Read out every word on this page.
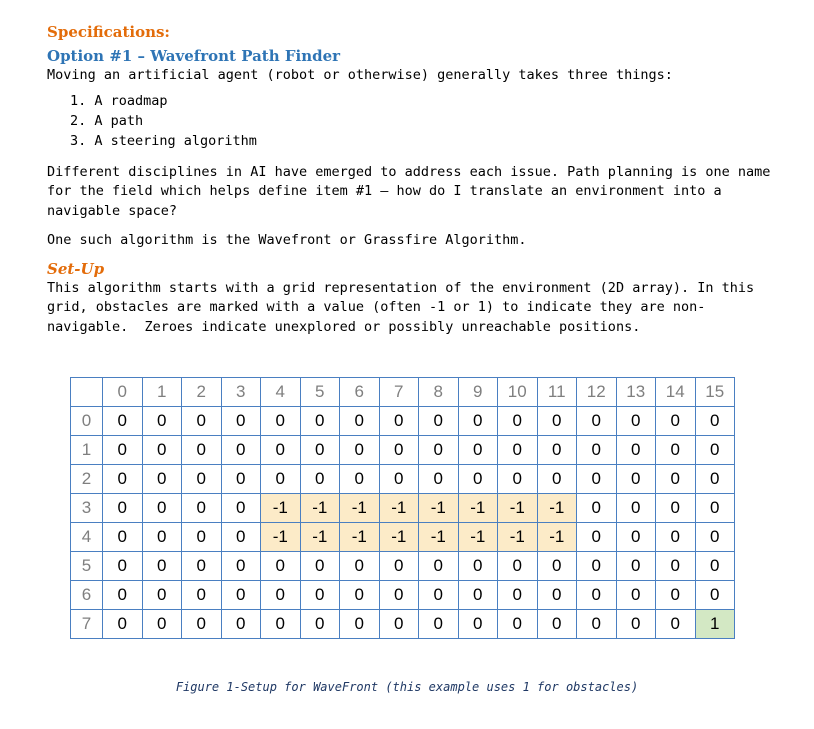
Specifications:

Option #1 – Wavefront Path Finder

Moving an artificial agent (robot or otherwise) generally takes three things:

1. A roadmap
2. A path
3. A steering algorithm

Different disciplines in AI have emerged to address each issue. Path planning is one name for the field which helps define item #1 – how do I translate an environment into a navigable space?

One such algorithm is the Wavefront or Grassfire Algorithm.

Set-Up

This algorithm starts with a grid representation of the environment (2D array). In this grid, obstacles are marked with a value (often -1 or 1) to indicate they are non-navigable.  Zeroes indicate unexplored or possibly unreachable positions.

	0	1	2	3	4	5	6	7	8	9	10	11	12	13	14	15
0	0	0	0	0	0	0	0	0	0	0	0	0	0	0	0	0
1	0	0	0	0	0	0	0	0	0	0	0	0	0	0	0	0
2	0	0	0	0	0	0	0	0	0	0	0	0	0	0	0	0
3	0	0	0	0	-1	-1	-1	-1	-1	-1	-1	-1	0	0	0	0
4	0	0	0	0	-1	-1	-1	-1	-1	-1	-1	-1	0	0	0	0
5	0	0	0	0	0	0	0	0	0	0	0	0	0	0	0	0
6	0	0	0	0	0	0	0	0	0	0	0	0	0	0	0	0
7	0	0	0	0	0	0	0	0	0	0	0	0	0	0	0	1
Figure 1-Setup for WaveFront (this example uses 1 for obstacles)
